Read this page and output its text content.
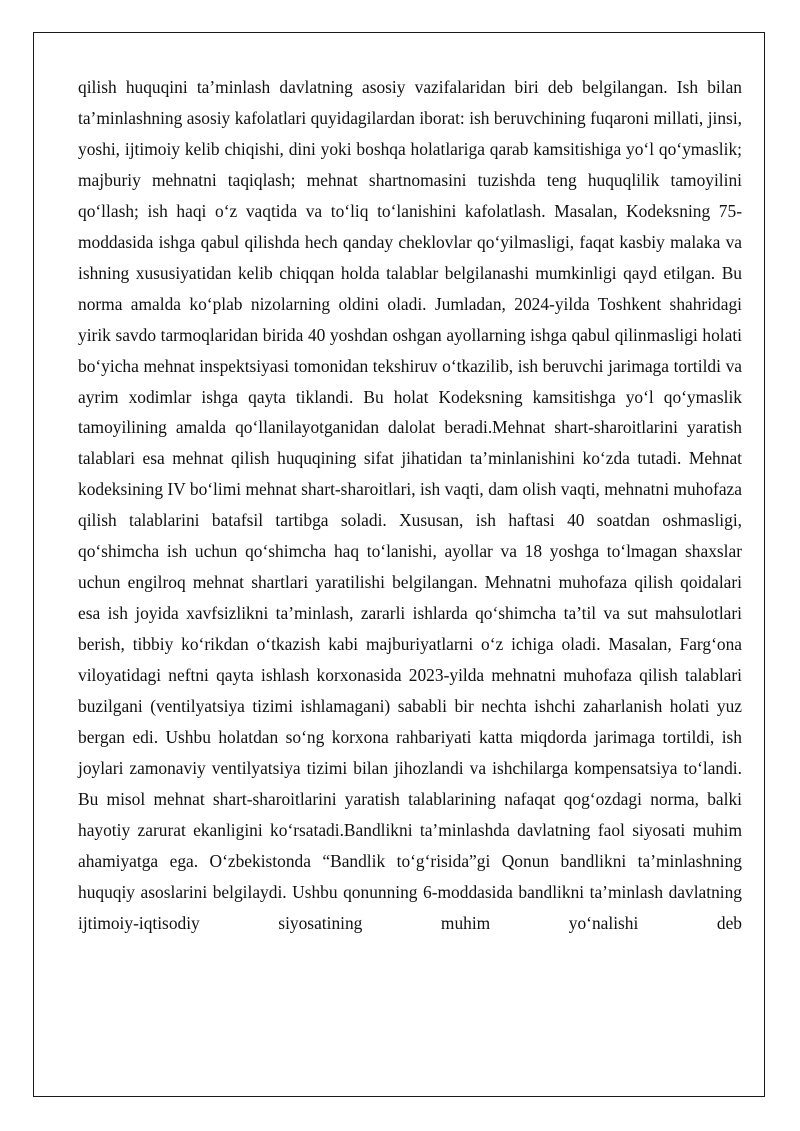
qilish huquqini ta’minlash davlatning asosiy vazifalaridan biri deb belgilangan. Ish bilan ta’minlashning asosiy kafolatlari quyidagilardan iborat: ish beruvchining fuqaroni millati, jinsi, yoshi, ijtimoiy kelib chiqishi, dini yoki boshqa holatlariga qarab kamsitishiga yo‘l qo‘ymaslik; majburiy mehnatni taqiqlash; mehnat shartnomasini tuzishda teng huquqlilik tamoyilini qo‘llash; ish haqi o‘z vaqtida va to‘liq to‘lanishini kafolatlash. Masalan, Kodeksning 75-moddasida ishga qabul qilishda hech qanday cheklovlar qo‘yilmasligi, faqat kasbiy malaka va ishning xususiyatidan kelib chiqqan holda talablar belgilanashi mumkinligi qayd etilgan. Bu norma amalda ko‘plab nizolarning oldini oladi. Jumladan, 2024-yilda Toshkent shahridagi yirik savdo tarmoqlaridan birida 40 yoshdan oshgan ayollarning ishga qabul qilinmasligi holati bo‘yicha mehnat inspektsiyasi tomonidan tekshiruv o‘tkazilib, ish beruvchi jarimaga tortildi va ayrim xodimlar ishga qayta tiklandi. Bu holat Kodeksning kamsitishga yo‘l qo‘ymaslik tamoyilining amalda qo‘llanilayotganidan dalolat beradi.Mehnat shart-sharoitlarini yaratish talablari esa mehnat qilish huquqining sifat jihatidan ta’minlanishini ko‘zda tutadi. Mehnat kodeksining IV bo‘limi mehnat shart-sharoitlari, ish vaqti, dam olish vaqti, mehnatni muhofaza qilish talablarini batafsil tartibga soladi. Xususan, ish haftasi 40 soatdan oshmasligi, qo‘shimcha ish uchun qo‘shimcha haq to‘lanishi, ayollar va 18 yoshga to‘lmagan shaxslar uchun engilroq mehnat shartlari yaratilishi belgilangan. Mehnatni muhofaza qilish qoidalari esa ish joyida xavfsizlikni ta’minlash, zararli ishlarda qo‘shimcha ta’til va sut mahsulotlari berish, tibbiy ko‘rikdan o‘tkazish kabi majburiyatlarni o‘z ichiga oladi. Masalan, Farg‘ona viloyatidagi neftni qayta ishlash korxonasida 2023-yilda mehnatni muhofaza qilish talablari buzilgani (ventilyatsiya tizimi ishlamagani) sababli bir nechta ishchi zaharlanish holati yuz bergan edi. Ushbu holatdan so‘ng korxona rahbariyati katta miqdorda jarimaga tortildi, ish joylari zamonaviy ventilyatsiya tizimi bilan jihozlandi va ishchilarga kompensatsiya to‘landi. Bu misol mehnat shart-sharoitlarini yaratish talablarining nafaqat qog‘ozdagi norma, balki hayotiy zarurat ekanligini ko‘rsatadi.Bandlikni ta’minlashda davlatning faol siyosati muhim ahamiyatga ega. O‘zbekistonda “Bandlik to‘g‘risida”gi Qonun bandlikni ta’minlashning huquqiy asoslarini belgilaydi. Ushbu qonunning 6-moddasida bandlikni ta’minlash davlatning ijtimoiy-iqtisodiy siyosatining muhim yo‘nalishi deb
